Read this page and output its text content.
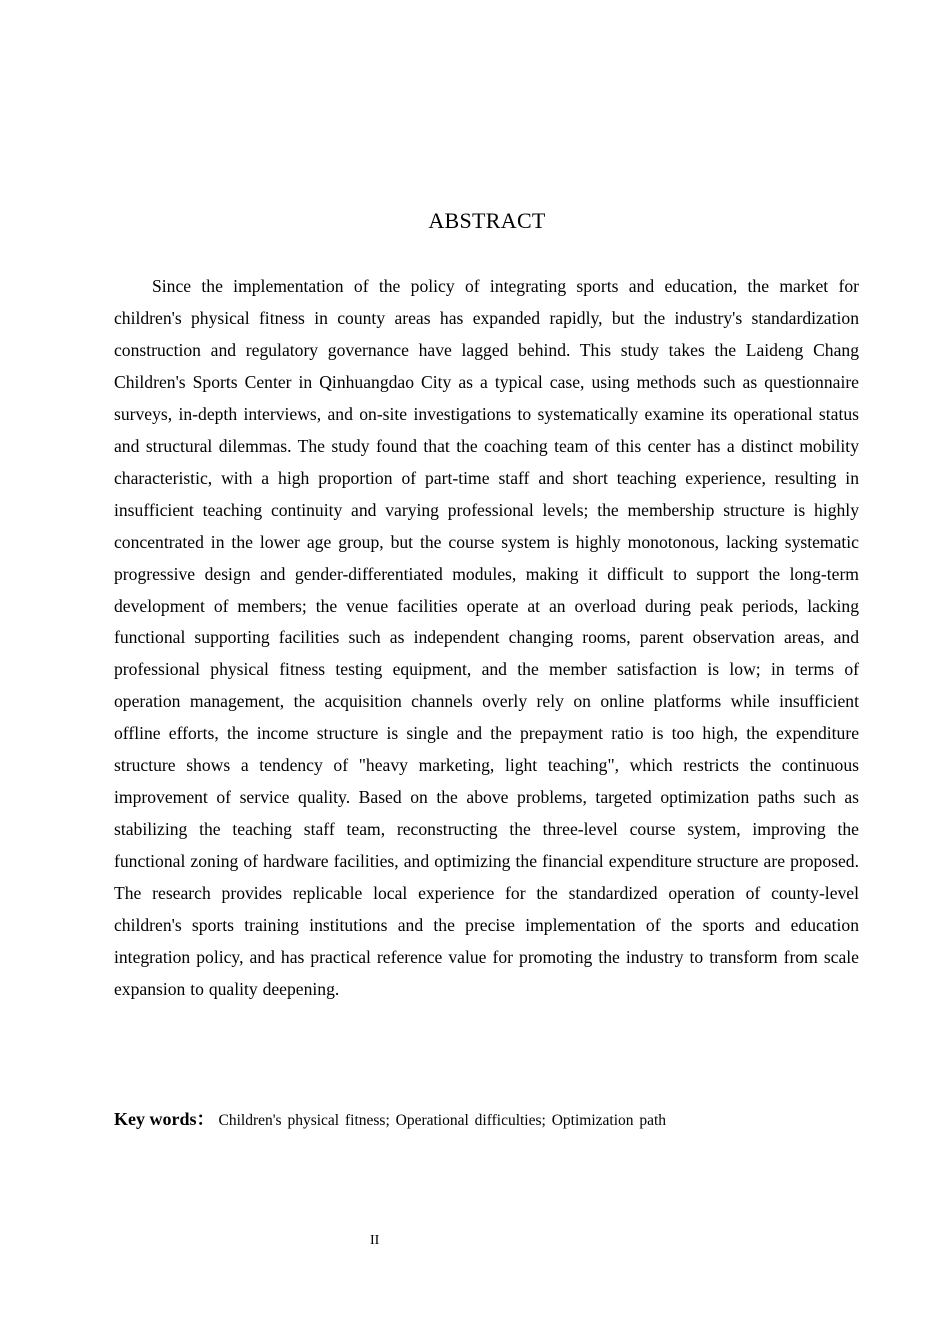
ABSTRACT

Since the implementation of the policy of integrating sports and education, the market for children's physical fitness in county areas has expanded rapidly, but the industry's standardization construction and regulatory governance have lagged behind. This study takes the Laideng Chang Children's Sports Center in Qinhuangdao City as a typical case, using methods such as questionnaire surveys, in-depth interviews, and on-site investigations to systematically examine its operational status and structural dilemmas. The study found that the coaching team of this center has a distinct mobility characteristic, with a high proportion of part-time staff and short teaching experience, resulting in insufficient teaching continuity and varying professional levels; the membership structure is highly concentrated in the lower age group, but the course system is highly monotonous, lacking systematic progressive design and gender-differentiated modules, making it difficult to support the long-term development of members; the venue facilities operate at an overload during peak periods, lacking functional supporting facilities such as independent changing rooms, parent observation areas, and professional physical fitness testing equipment, and the member satisfaction is low; in terms of operation management, the acquisition channels overly rely on online platforms while insufficient offline efforts, the income structure is single and the prepayment ratio is too high, the expenditure structure shows a tendency of "heavy marketing, light teaching", which restricts the continuous improvement of service quality. Based on the above problems, targeted optimization paths such as stabilizing the teaching staff team, reconstructing the three-level course system, improving the functional zoning of hardware facilities, and optimizing the financial expenditure structure are proposed. The research provides replicable local experience for the standardized operation of county-level children's sports training institutions and the precise implementation of the sports and education integration policy, and has practical reference value for promoting the industry to transform from scale expansion to quality deepening.

Key words： Children's physical fitness; Operational difficulties; Optimization path

II
